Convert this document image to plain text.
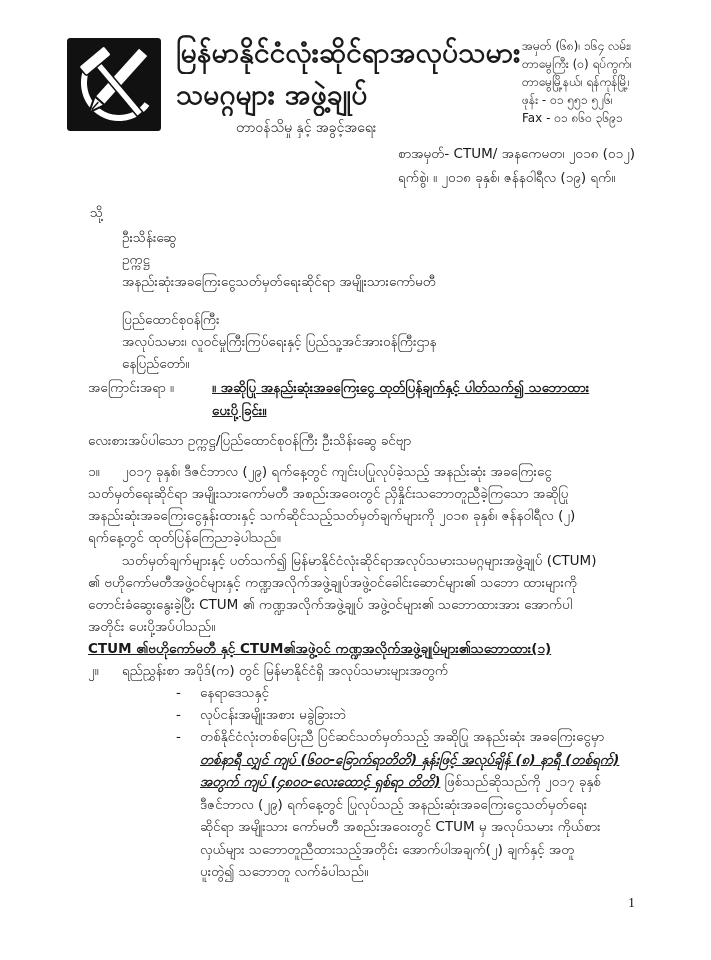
မြန်မာနိုင်ငံလုံးဆိုင်ရာအလုပ်သမား
သမဂ္ဂများ အဖွဲ့ချုပ်
တာဝန်သိမှု နှင့် အခွင့်အရေး
အမှတ် (၆၈)၊ ၁၆၄ လမ်း၊
တာမွေကြီး (၀) ရပ်ကွက်၊
တာမွေမြို့နယ်၊ ရန်ကုန်မြို့၊
ဖုန်း - ၀၁ ၅၅၁ ၅၂၆၊
Fax - ၀၁ ၈၆၀ ၃၆၉၁
စာအမှတ်- CTUM/ အနကေမတ၊ ၂၀၁၈ (၀၁၂)
ရက်စွဲ၊ ။ ၂၀၁၈ ခုနှစ်၊ ဇန်နဝါရီလ (၁၉) ရက်။
သို့
ဦးသိန်းဆွေ
ဥက္ကဋ္ဌ
အနည်းဆုံးအခကြေးငွေသတ်မှတ်ရေးဆိုင်ရာ အမျိုးသားကော်မတီ
ပြည်ထောင်စုဝန်ကြီး
အလုပ်သမား၊ လူဝင်မှုကြီးကြပ်ရေးနှင့် ပြည်သူ့အင်အားဝန်ကြီးဌာန
နေပြည်တော်။
အကြောင်းအရာ ။	။ အဆိုပြု အနည်းဆုံးအခကြေးငွေ ထုတ်ပြန်ချက်နှင့် ပါတ်သက်၍ သဘောထား
ပေးပို့ခြင်း။
လေးစားအပ်ပါသော ဥက္ကဋ္ဌ/ပြည်ထောင်စုဝန်ကြီး ဦးသိန်းဆွေ ခင်ဗျာ
၁။	၂၀၁၇ ခုနှစ်၊ ဒီဇင်ဘာလ (၂၉) ရက်နေ့တွင် ကျင်းပပြုလုပ်ခဲ့သည့် အနည်းဆုံး အခကြေးငွေ
သတ်မှတ်ရေးဆိုင်ရာ အမျိုးသားကော်မတီ အစည်းအဝေးတွင် ညှိနှိုင်းသဘောတူညီခဲ့ကြသော အဆိုပြု
အနည်းဆုံးအခကြေးငွေနှန်းထားနှင့် သက်ဆိုင်သည့်သတ်မှတ်ချက်များကို ၂၀၁၈ ခုနှစ်၊ ဇန်နဝါရီလ (၂)
ရက်နေ့တွင် ထုတ်ပြန်ကြေညာခဲ့ပါသည်။
သတ်မှတ်ချက်များနှင့် ပတ်သက်၍ မြန်မာနိုင်ငံလုံးဆိုင်ရာအလုပ်သမားသမဂ္ဂများအဖွဲ့ချုပ် (CTUM)
၏ ဗဟိုကော်မတီအဖွဲ့ဝင်များနှင့် ကဏ္ဍအလိုက်အဖွဲ့ချုပ်အဖွဲ့ဝင်ခေါင်းဆောင်များ၏ သဘော ထားများကို
တောင်းခံဆွေးနွေးခဲ့ပြီး CTUM ၏ ကဏ္ဍအလိုက်အဖွဲ့ချုပ် အဖွဲ့ဝင်များ၏ သဘောထားအား အောက်ပါ
အတိုင်း ပေးပို့အပ်ပါသည်။
CTUM ၏ဗဟိုကော်မတီ နှင့် CTUM၏အဖွဲ့ဝင် ကဏ္ဍအလိုက်အဖွဲ့ချုပ်များ၏သဘောထား(၁)
၂။	ရည်ညွှန်းစာ အပိုဒ်(က) တွင် မြန်မာနိုင်ငံရှိ အလုပ်သမားများအတွက်
-	နေရာဒေသနှင့်
-	လုပ်ငန်းအမျိုးအစား မခွဲခြားဘဲ
-	တစ်နိုင်ငံလုံးတစ်ပြေးညီ ပြင်ဆင်သတ်မှတ်သည့် အဆိုပြု အနည်းဆုံး အခကြေးငွေမှာ
တစ်နာရီ လျှင် ကျပ် (၆၀၀-ခြောက်ရာတိတိ) နှန်းဖြင့် အလုပ်ချိန် (၈) နာရီ (တစ်ရက်)
အတွက် ကျပ် (၄၈၀၀-လေးထောင့် ရှစ်ရာ တိတိ) ဖြစ်သည်ဆိုသည်ကို ၂၀၁၇ ခုနှစ်
ဒီဇင်ဘာလ (၂၉) ရက်နေ့တွင် ပြုလုပ်သည့် အနည်းဆုံးအခကြေးငွေသတ်မှတ်ရေး
ဆိုင်ရာ အမျိုးသား ကော်မတီ အစည်းအဝေးတွင် CTUM မှ အလုပ်သမား ကိုယ်စား
လှယ်များ သဘောတူညီထားသည့်အတိုင်း အောက်ပါအချက်(၂) ချက်နှင့် အတူ
ပူးတွဲ၍ သဘောတူ လက်ခံပါသည်။
1
